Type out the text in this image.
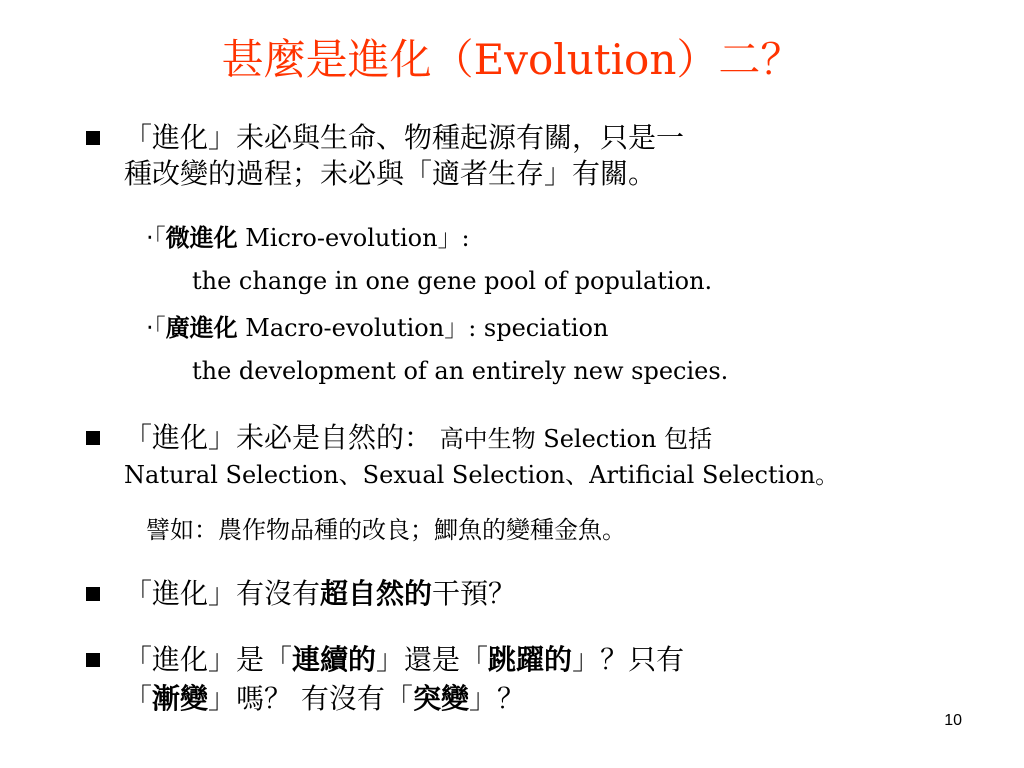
甚麼是進化（Evolution）二？
「進化」未必與生命、物種起源有關，只是一
種改變的過程；未必與「適者生存」有關。
‧「微進化 Micro-evolution」:
the change in one gene pool of population.
‧「廣進化 Macro-evolution」: speciation
the development of an entirely new species.
「進化」未必是自然的： 高中生物 Selection 包括
Natural Selection、Sexual Selection、Artificial Selection。
譬如：農作物品種的改良；鯽魚的變種金魚。
「進化」有沒有超自然的干預？
「進化」是「連續的」還是「跳躍的」？只有
「漸變」嗎？ 有沒有「突變」？
10
